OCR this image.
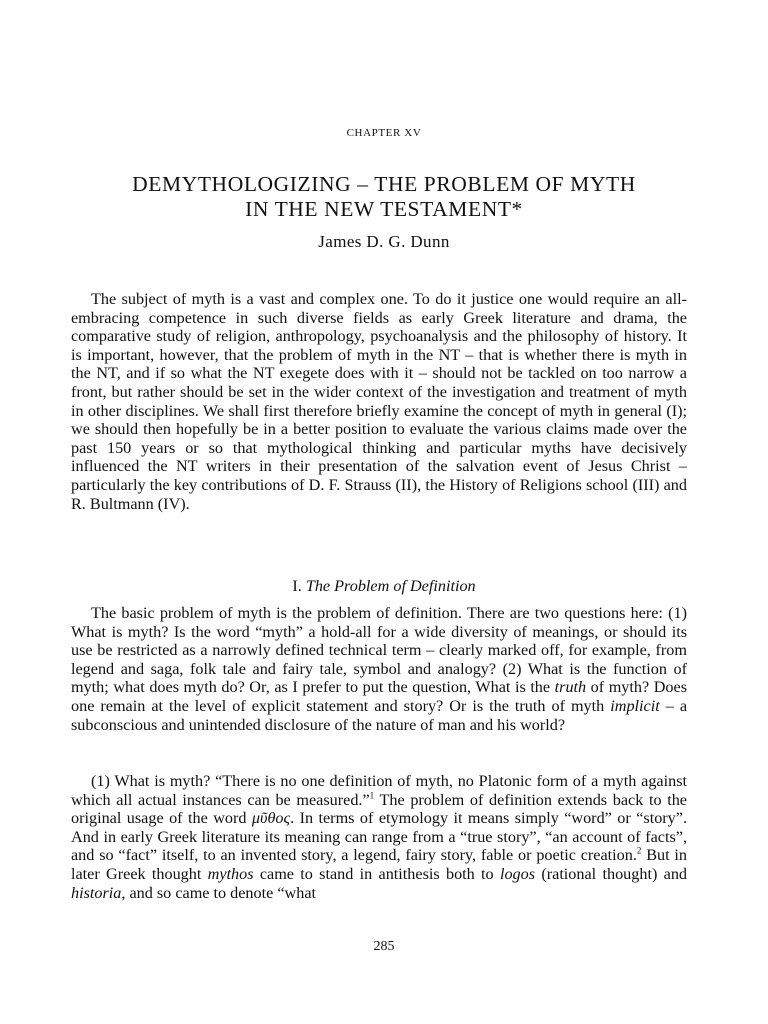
CHAPTER XV
DEMYTHOLOGIZING – THE PROBLEM OF MYTH
IN THE NEW TESTAMENT*
James D. G. Dunn

The subject of myth is a vast and complex one. To do it justice one would require an all-embracing competence in such diverse fields as early Greek literature and drama, the comparative study of religion, anthropology, psychoanalysis and the philosophy of history. It is important, however, that the problem of myth in the NT – that is whether there is myth in the NT, and if so what the NT exegete does with it – should not be tackled on too narrow a front, but rather should be set in the wider context of the investigation and treatment of myth in other disciplines. We shall first therefore briefly examine the concept of myth in general (I); we should then hopefully be in a better position to evaluate the various claims made over the past 150 years or so that mythological thinking and particular myths have decisively influenced the NT writers in their presentation of the salvation event of Jesus Christ – particularly the key contributions of D. F. Strauss (II), the History of Religions school (III) and R. Bultmann (IV).

I. The Problem of Definition

The basic problem of myth is the problem of definition. There are two questions here: (1) What is myth? Is the word “myth” a hold-all for a wide diversity of meanings, or should its use be restricted as a narrowly defined technical term – clearly marked off, for example, from legend and saga, folk tale and fairy tale, symbol and analogy? (2) What is the function of myth; what does myth do? Or, as I prefer to put the question, What is the truth of myth? Does one remain at the level of explicit statement and story? Or is the truth of myth implicit – a subconscious and unintended disclosure of the nature of man and his world?

(1) What is myth? “There is no one definition of myth, no Platonic form of a myth against which all actual instances can be measured.”$^1$ The problem of definition extends back to the original usage of the word μῦθος. In terms of etymology it means simply “word” or “story”. And in early Greek literature its meaning can range from a “true story”, “an account of facts”, and so “fact” itself, to an invented story, a legend, fairy story, fable or poetic creation.$^2$ But in later Greek thought mythos came to stand in antithesis both to logos (rational thought) and historia, and so came to denote “what

285
